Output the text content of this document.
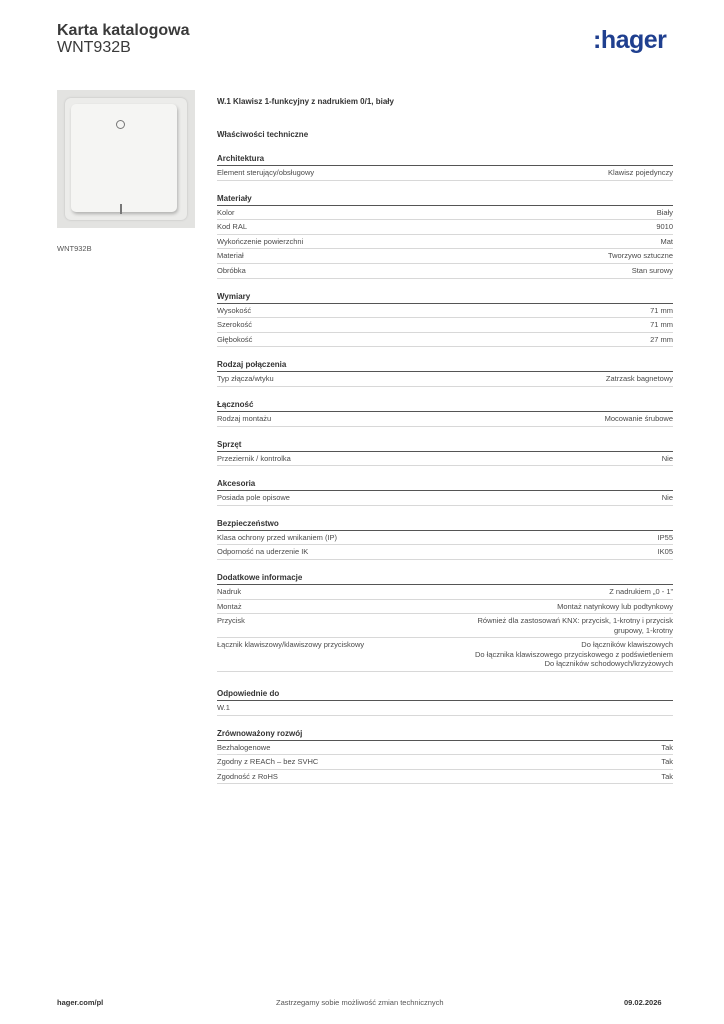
Karta katalogowa
WNT932B	:hager
WNT932B
W.1 Klawisz 1-funkcyjny z nadrukiem 0/1, biały
Właściwości techniczne
Architektura
Element sterujący/obsługowy	Klawisz pojedynczy
Materiały
Kolor	Biały
Kod RAL	9010
Wykończenie powierzchni	Mat
Materiał	Tworzywo sztuczne
Obróbka	Stan surowy
Wymiary
Wysokość	71 mm
Szerokość	71 mm
Głębokość	27 mm
Rodzaj połączenia
Typ złącza/wtyku	Zatrzask bagnetowy
Łączność
Rodzaj montażu	Mocowanie śrubowe
Sprzęt
Przeziernik / kontrolka	Nie
Akcesoria
Posiada pole opisowe	Nie
Bezpieczeństwo
Klasa ochrony przed wnikaniem (IP)	IP55
Odporność na uderzenie IK	IK05
Dodatkowe informacje
Nadruk	Z nadrukiem „0 - 1”
Montaż	Montaż natynkowy lub podtynkowy
Przycisk	Również dla zastosowań KNX: przycisk, 1-krotny i przycisk
grupowy, 1-krotny
Łącznik klawiszowy/klawiszowy przyciskowy	Do łączników klawiszowych
Do łącznika klawiszowego przyciskowego z podświetleniem
Do łączników schodowych/krzyżowych
Odpowiednie do
W.1
Zrównoważony rozwój
Bezhalogenowe	Tak
Zgodny z REACh – bez SVHC	Tak
Zgodność z RoHS	Tak
hager.com/pl	Zastrzegamy sobie możliwość zmian technicznych	09.02.2026
